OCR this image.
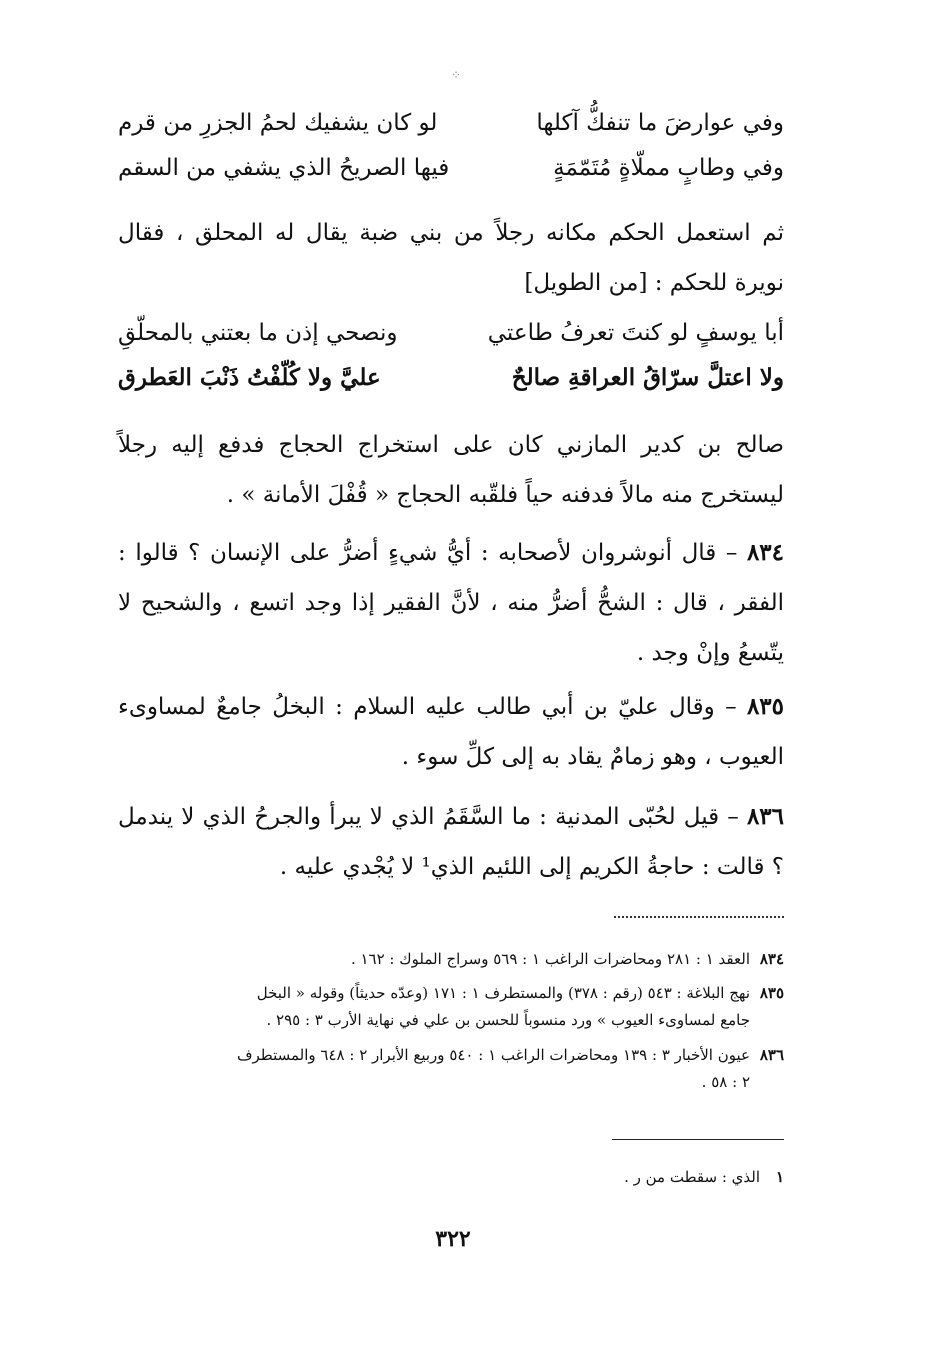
⁘
وفي عوارضَ ما تنفكُّ آكلها
لو كان يشفيك لحمُ الجزرِ من قرم
وفي وطابٍ مملّاةٍ مُتَمّمَةٍ
فيها الصريحُ الذي يشفي من السقم
ثم استعمل الحكم مكانه رجلاً من بني ضبة يقال له المحلق ، فقال نويرة للحكم : [من الطويل]
أبا يوسفٍ لو كنتَ تعرفُ طاعتي
ونصحي إذن ما بعتني بالمحلّقِ
ولا اعتلَّ سرّاقُ العراقةِ صالحٌ
عليَّ ولا كُلّفْتُ ذَنْبَ العَطرق
صالح بن كدير المازني كان على استخراج الحجاج فدفع إليه رجلاً ليستخرج منه مالاً فدفنه حياً فلقّبه الحجاج « قُفْلَ الأمانة » .
٨٣٤ – قال أنوشروان لأصحابه : أيُّ شيءٍ أضرُّ على الإنسان ؟ قالوا : الفقر ، قال : الشحُّ أضرُّ منه ، لأنَّ الفقير إذا وجد اتسع ، والشحيح لا يتّسعُ وإنْ وجد .
٨٣٥ – وقال عليّ بن أبي طالب عليه السلام : البخلُ جامعٌ لمساوىء العيوب ، وهو زمامٌ يقاد به إلى كلِّ سوء .
٨٣٦ – قيل لحُبّى المدنية : ما السَّقَمُ الذي لا يبرأ والجرحُ الذي لا يندمل ؟ قالت : حاجةُ الكريم إلى اللئيم الذي¹ لا يُجْدي عليه .
٨٣٤العقد ١ : ٢٨١ ومحاضرات الراغب ١ : ٥٦٩ وسراج الملوك : ١٦٢ .
٨٣٥نهج البلاغة : ٥٤٣ (رقم : ٣٧٨) والمستطرف ١ : ١٧١ (وعدّه حديثاً) وقوله « البخل
جامع لمساوىء العيوب » ورد منسوباً للحسن بن علي في نهاية الأرب ٣ : ٢٩٥ .
٨٣٦عيون الأخبار ٣ : ١٣٩ ومحاضرات الراغب ١ : ٥٤٠ وربيع الأبرار ٢ : ٦٤٨ والمستطرف
٢ : ٥٨ .
١الذي : سقطت من ر .
٣٢٢
